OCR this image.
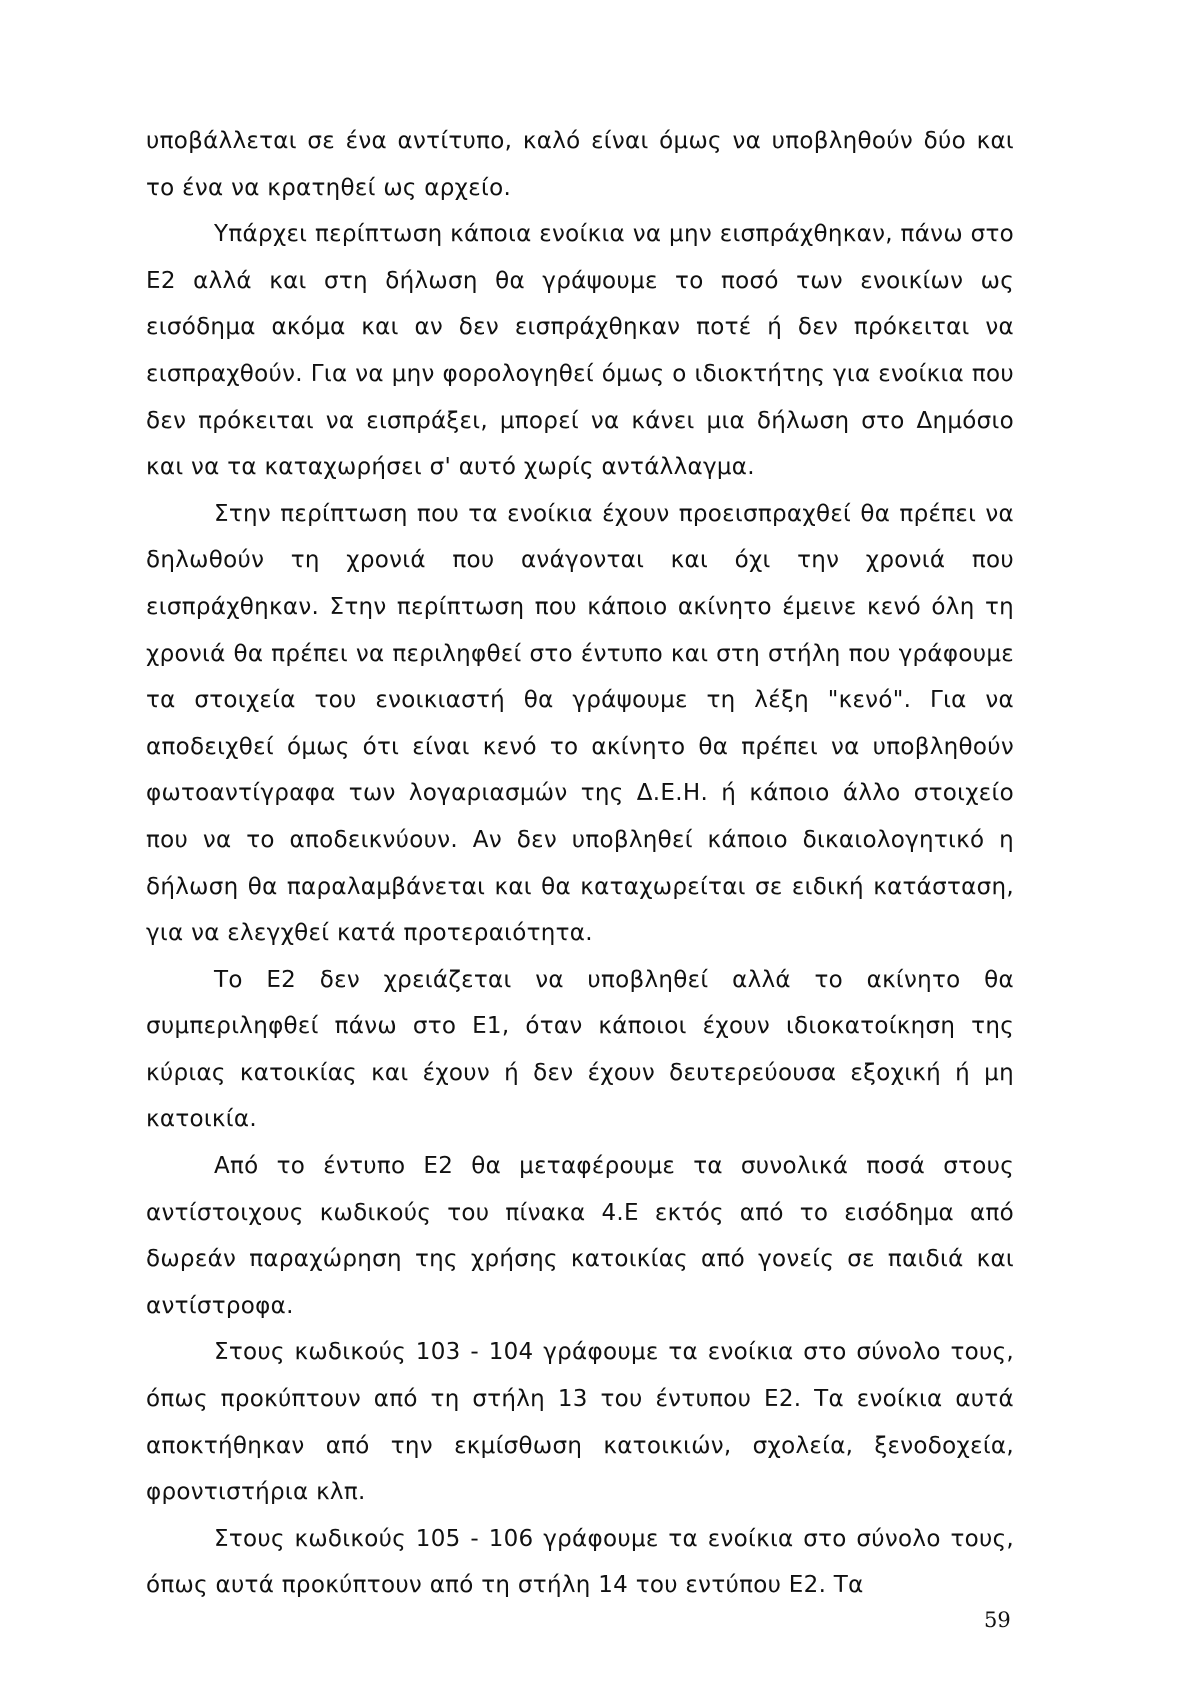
υποβάλλεται σε ένα αντίτυπο, καλό είναι όμως να υποβληθούν δύο και το ένα να κρατηθεί ως αρχείο.

Υπάρχει περίπτωση κάποια ενοίκια να μην εισπράχθηκαν, πάνω στο Ε2 αλλά και στη δήλωση θα γράψουμε το ποσό των ενοικίων ως εισόδημα ακόμα και αν δεν εισπράχθηκαν ποτέ ή δεν πρόκειται να εισπραχθούν. Για να μην φορολογηθεί όμως ο ιδιοκτήτης για ενοίκια που δεν πρόκειται να εισπράξει, μπορεί να κάνει μια δήλωση στο Δημόσιο και να τα καταχωρήσει σ' αυτό χωρίς αντάλλαγμα.

Στην περίπτωση που τα ενοίκια έχουν προεισπραχθεί θα πρέπει να δηλωθούν τη χρονιά που ανάγονται και όχι την χρονιά που εισπράχθηκαν. Στην περίπτωση που κάποιο ακίνητο έμεινε κενό όλη τη χρονιά θα πρέπει να περιληφθεί στο έντυπο και στη στήλη που γράφουμε τα στοιχεία του ενοικιαστή θα γράψουμε τη λέξη "κενό". Για να αποδειχθεί όμως ότι είναι κενό το ακίνητο θα πρέπει να υποβληθούν φωτοαντίγραφα των λογαριασμών της Δ.Ε.Η. ή κάποιο άλλο στοιχείο που να το αποδεικνύουν. Αν δεν υποβληθεί κάποιο δικαιολογητικό η δήλωση θα παραλαμβάνεται και θα καταχωρείται σε ειδική κατάσταση, για να ελεγχθεί κατά προτεραιότητα.

Το Ε2 δεν χρειάζεται να υποβληθεί αλλά το ακίνητο θα συμπεριληφθεί πάνω στο Ε1, όταν κάποιοι έχουν ιδιοκατοίκηση της κύριας κατοικίας και έχουν ή δεν έχουν δευτερεύουσα εξοχική ή μη κατοικία.

Από το έντυπο Ε2 θα μεταφέρουμε τα συνολικά ποσά στους αντίστοιχους κωδικούς του πίνακα 4.Ε εκτός από το εισόδημα από δωρεάν παραχώρηση της χρήσης κατοικίας από γονείς σε παιδιά και αντίστροφα.

Στους κωδικούς 103 - 104 γράφουμε τα ενοίκια στο σύνολο τους, όπως προκύπτουν από τη στήλη 13 του έντυπου Ε2. Τα ενοίκια αυτά αποκτήθηκαν από την εκμίσθωση κατοικιών, σχολεία, ξενοδοχεία, φροντιστήρια κλπ.

Στους κωδικούς 105 - 106 γράφουμε τα ενοίκια στο σύνολο τους, όπως αυτά προκύπτουν από τη στήλη 14 του εντύπου Ε2. Τα

59
